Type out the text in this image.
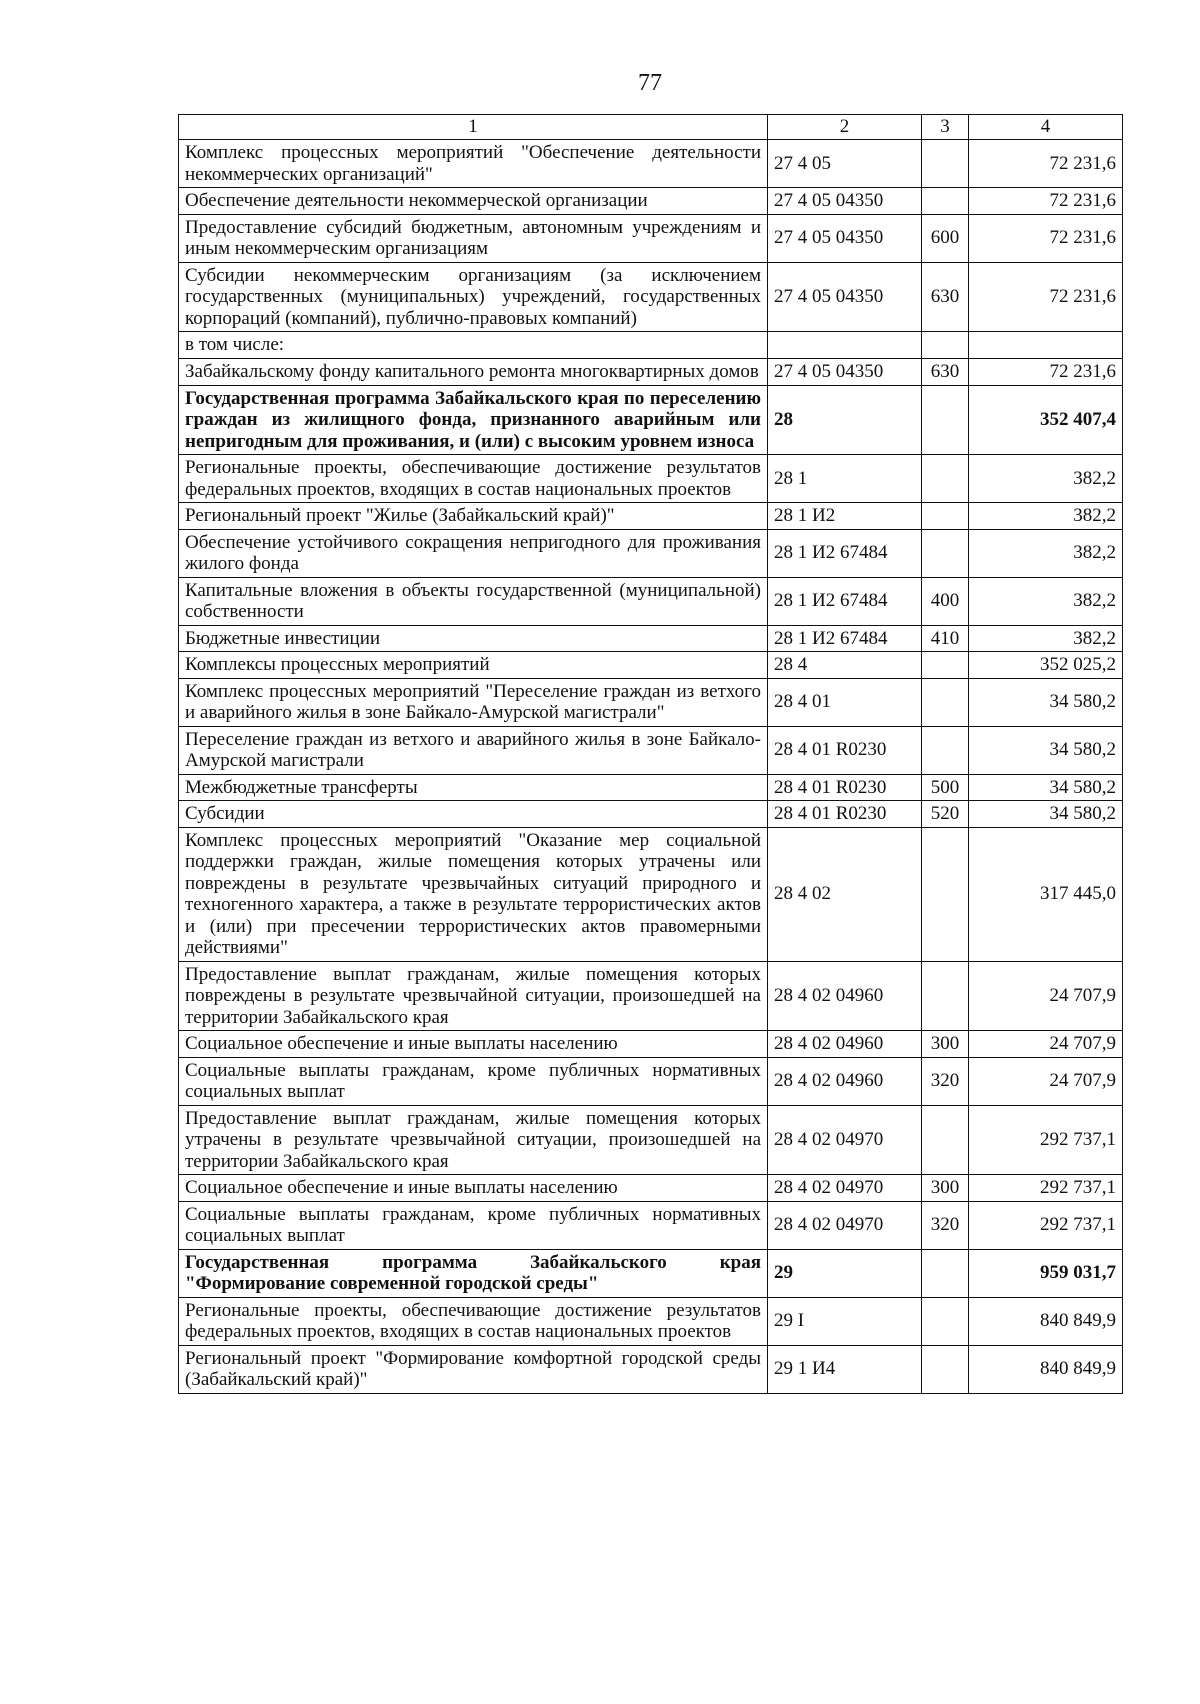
77
1	2	3	4
Комплекс процессных мероприятий "Обеспечение деятельности некоммерческих организаций"	27 4 05		72 231,6
Обеспечение деятельности некоммерческой организации	27 4 05 04350		72 231,6
Предоставление субсидий бюджетным, автономным учреждениям и иным некоммерческим организациям	27 4 05 04350	600	72 231,6
Субсидии некоммерческим организациям (за исключением государственных (муниципальных) учреждений, государственных корпораций (компаний), публично-правовых компаний)	27 4 05 04350	630	72 231,6
в том числе:			
Забайкальскому фонду капитального ремонта многоквартирных домов	27 4 05 04350	630	72 231,6
Государственная программа Забайкальского края по переселению граждан из жилищного фонда, признанного аварийным или непригодным для проживания, и (или) с высоким уровнем износа	28		352 407,4
Региональные проекты, обеспечивающие достижение результатов федеральных проектов, входящих в состав национальных проектов	28 1		382,2
Региональный проект "Жилье (Забайкальский край)"	28 1 И2		382,2
Обеспечение устойчивого сокращения непригодного для проживания жилого фонда	28 1 И2 67484		382,2
Капитальные вложения в объекты государственной (муниципальной) собственности	28 1 И2 67484	400	382,2
Бюджетные инвестиции	28 1 И2 67484	410	382,2
Комплексы процессных мероприятий	28 4		352 025,2
Комплекс процессных мероприятий "Переселение граждан из ветхого и аварийного жилья в зоне Байкало-Амурской магистрали"	28 4 01		34 580,2
Переселение граждан из ветхого и аварийного жилья в зоне Байкало-Амурской магистрали	28 4 01 R0230		34 580,2
Межбюджетные трансферты	28 4 01 R0230	500	34 580,2
Субсидии	28 4 01 R0230	520	34 580,2
Комплекс процессных мероприятий "Оказание мер социальной поддержки граждан, жилые помещения которых утрачены или повреждены в результате чрезвычайных ситуаций природного и техногенного характера, а также в результате террористических актов и (или) при пресечении террористических актов правомерными действиями"	28 4 02		317 445,0
Предоставление выплат гражданам, жилые помещения которых повреждены в результате чрезвычайной ситуации, произошедшей на территории Забайкальского края	28 4 02 04960		24 707,9
Социальное обеспечение и иные выплаты населению	28 4 02 04960	300	24 707,9
Социальные выплаты гражданам, кроме публичных нормативных социальных выплат	28 4 02 04960	320	24 707,9
Предоставление выплат гражданам, жилые помещения которых утрачены в результате чрезвычайной ситуации, произошедшей на территории Забайкальского края	28 4 02 04970		292 737,1
Социальное обеспечение и иные выплаты населению	28 4 02 04970	300	292 737,1
Социальные выплаты гражданам, кроме публичных нормативных социальных выплат	28 4 02 04970	320	292 737,1
Государственная программа Забайкальского края "Формирование современной городской среды"	29		959 031,7
Региональные проекты, обеспечивающие достижение результатов федеральных проектов, входящих в состав национальных проектов	29 I		840 849,9
Региональный проект "Формирование комфортной городской среды (Забайкальский край)"	29 1 И4		840 849,9
